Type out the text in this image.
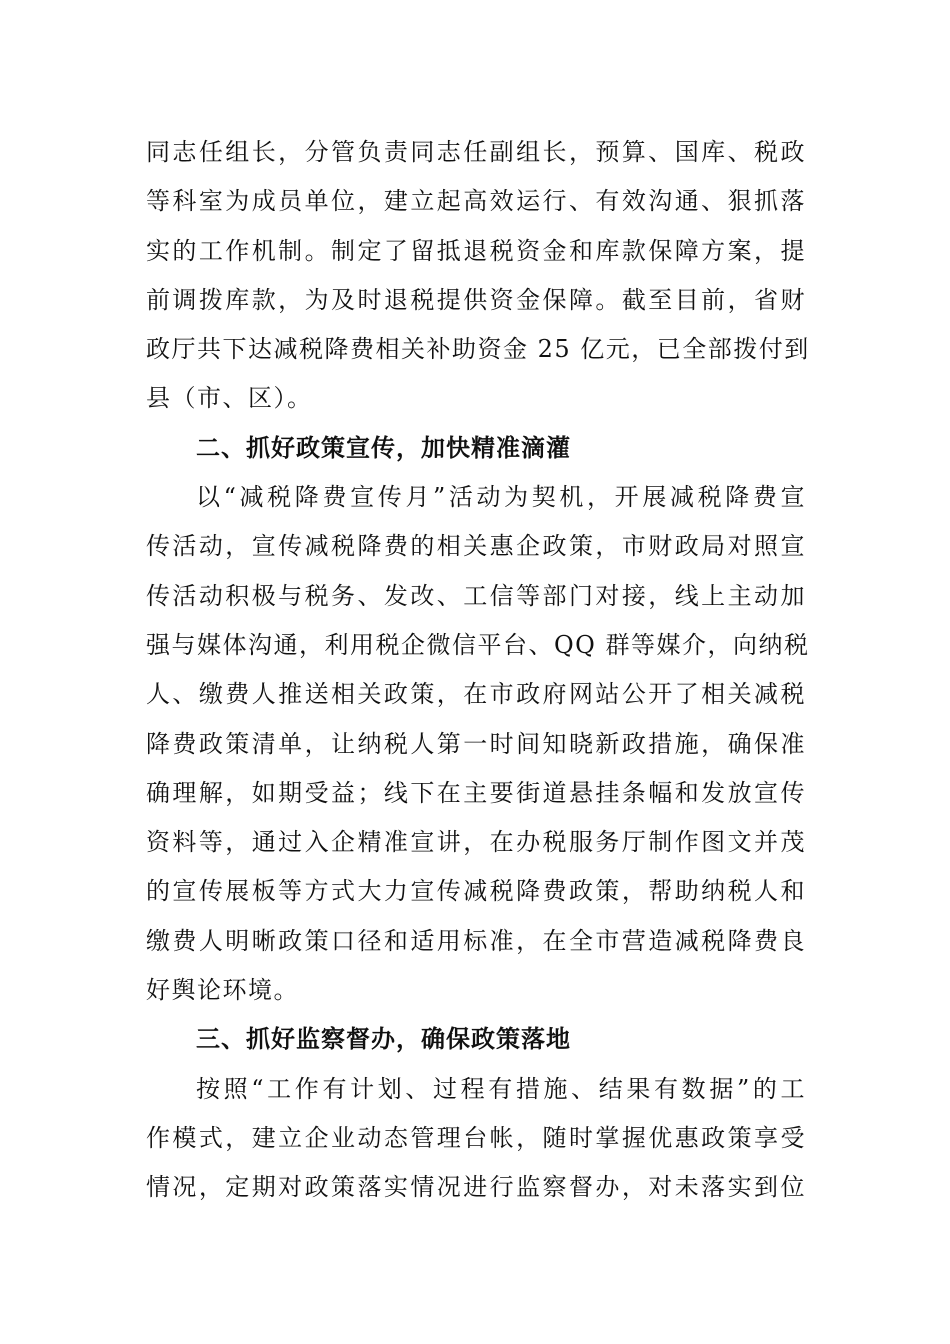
同志任组长，分管负责同志任副组长，预算、国库、税政
等科室为成员单位，建立起高效运行、有效沟通、狠抓落
实的工作机制。制定了留抵退税资金和库款保障方案，提
前调拨库款，为及时退税提供资金保障。截至目前，省财
政厅共下达减税降费相关补助资金 25 亿元，已全部拨付到
县（市、区）。
二、抓好政策宣传，加快精准滴灌
以“减税降费宣传月”活动为契机，开展减税降费宣
传活动，宣传减税降费的相关惠企政策，市财政局对照宣
传活动积极与税务、发改、工信等部门对接，线上主动加
强与媒体沟通，利用税企微信平台、QQ 群等媒介，向纳税
人、缴费人推送相关政策，在市政府网站公开了相关减税
降费政策清单，让纳税人第一时间知晓新政措施，确保准
确理解，如期受益；线下在主要街道悬挂条幅和发放宣传
资料等，通过入企精准宣讲，在办税服务厅制作图文并茂
的宣传展板等方式大力宣传减税降费政策，帮助纳税人和
缴费人明晰政策口径和适用标准，在全市营造减税降费良
好舆论环境。
三、抓好监察督办，确保政策落地
按照“工作有计划、过程有措施、结果有数据”的工
作模式，建立企业动态管理台帐，随时掌握优惠政策享受
情况，定期对政策落实情况进行监察督办，对未落实到位
